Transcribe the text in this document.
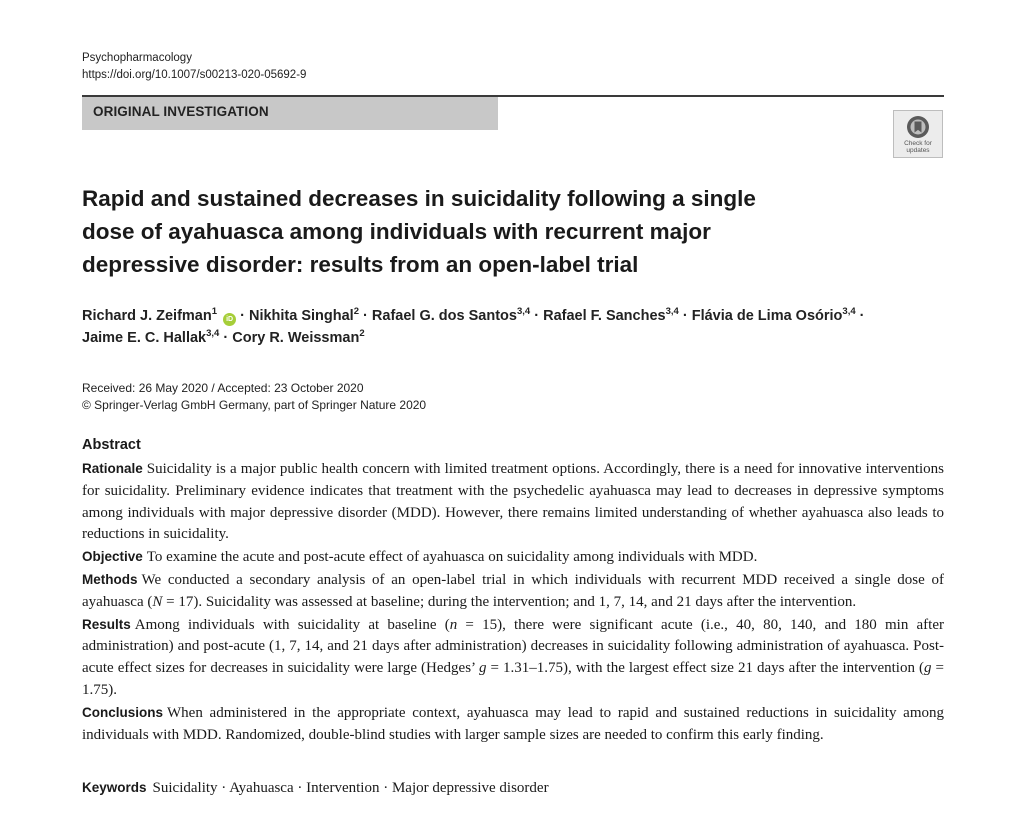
Psychopharmacology
https://doi.org/10.1007/s00213-020-05692-9
ORIGINAL INVESTIGATION
Check for
updates
Rapid and sustained decreases in suicidality following a single dose of ayahuasca among individuals with recurrent major depressive disorder: results from an open-label trial
Richard J. Zeifman$^1$ iD · Nikhita Singhal$^2$ · Rafael G. dos Santos$^{3,4}$ · Rafael F. Sanches$^{3,4}$ · Flávia de Lima Osório$^{3,4}$ ·
Jaime E. C. Hallak$^{3,4}$ · Cory R. Weissman$^2$
Received: 26 May 2020 / Accepted: 23 October 2020
© Springer-Verlag GmbH Germany, part of Springer Nature 2020
Abstract

Rationale Suicidality is a major public health concern with limited treatment options. Accordingly, there is a need for innovative interventions for suicidality. Preliminary evidence indicates that treatment with the psychedelic ayahuasca may lead to decreases in depressive symptoms among individuals with major depressive disorder (MDD). However, there remains limited understanding of whether ayahuasca also leads to reductions in suicidality.

Objective To examine the acute and post-acute effect of ayahuasca on suicidality among individuals with MDD.

Methods We conducted a secondary analysis of an open-label trial in which individuals with recurrent MDD received a single dose of ayahuasca (N = 17). Suicidality was assessed at baseline; during the intervention; and 1, 7, 14, and 21 days after the intervention.

Results Among individuals with suicidality at baseline (n = 15), there were significant acute (i.e., 40, 80, 140, and 180 min after administration) and post-acute (1, 7, 14, and 21 days after administration) decreases in suicidality following administration of ayahuasca. Post-acute effect sizes for decreases in suicidality were large (Hedges’ g = 1.31–1.75), with the largest effect size 21 days after the intervention (g = 1.75).

Conclusions When administered in the appropriate context, ayahuasca may lead to rapid and sustained reductions in suicidality among individuals with MDD. Randomized, double-blind studies with larger sample sizes are needed to confirm this early finding.

Keywords Suicidality · Ayahuasca · Intervention · Major depressive disorder
